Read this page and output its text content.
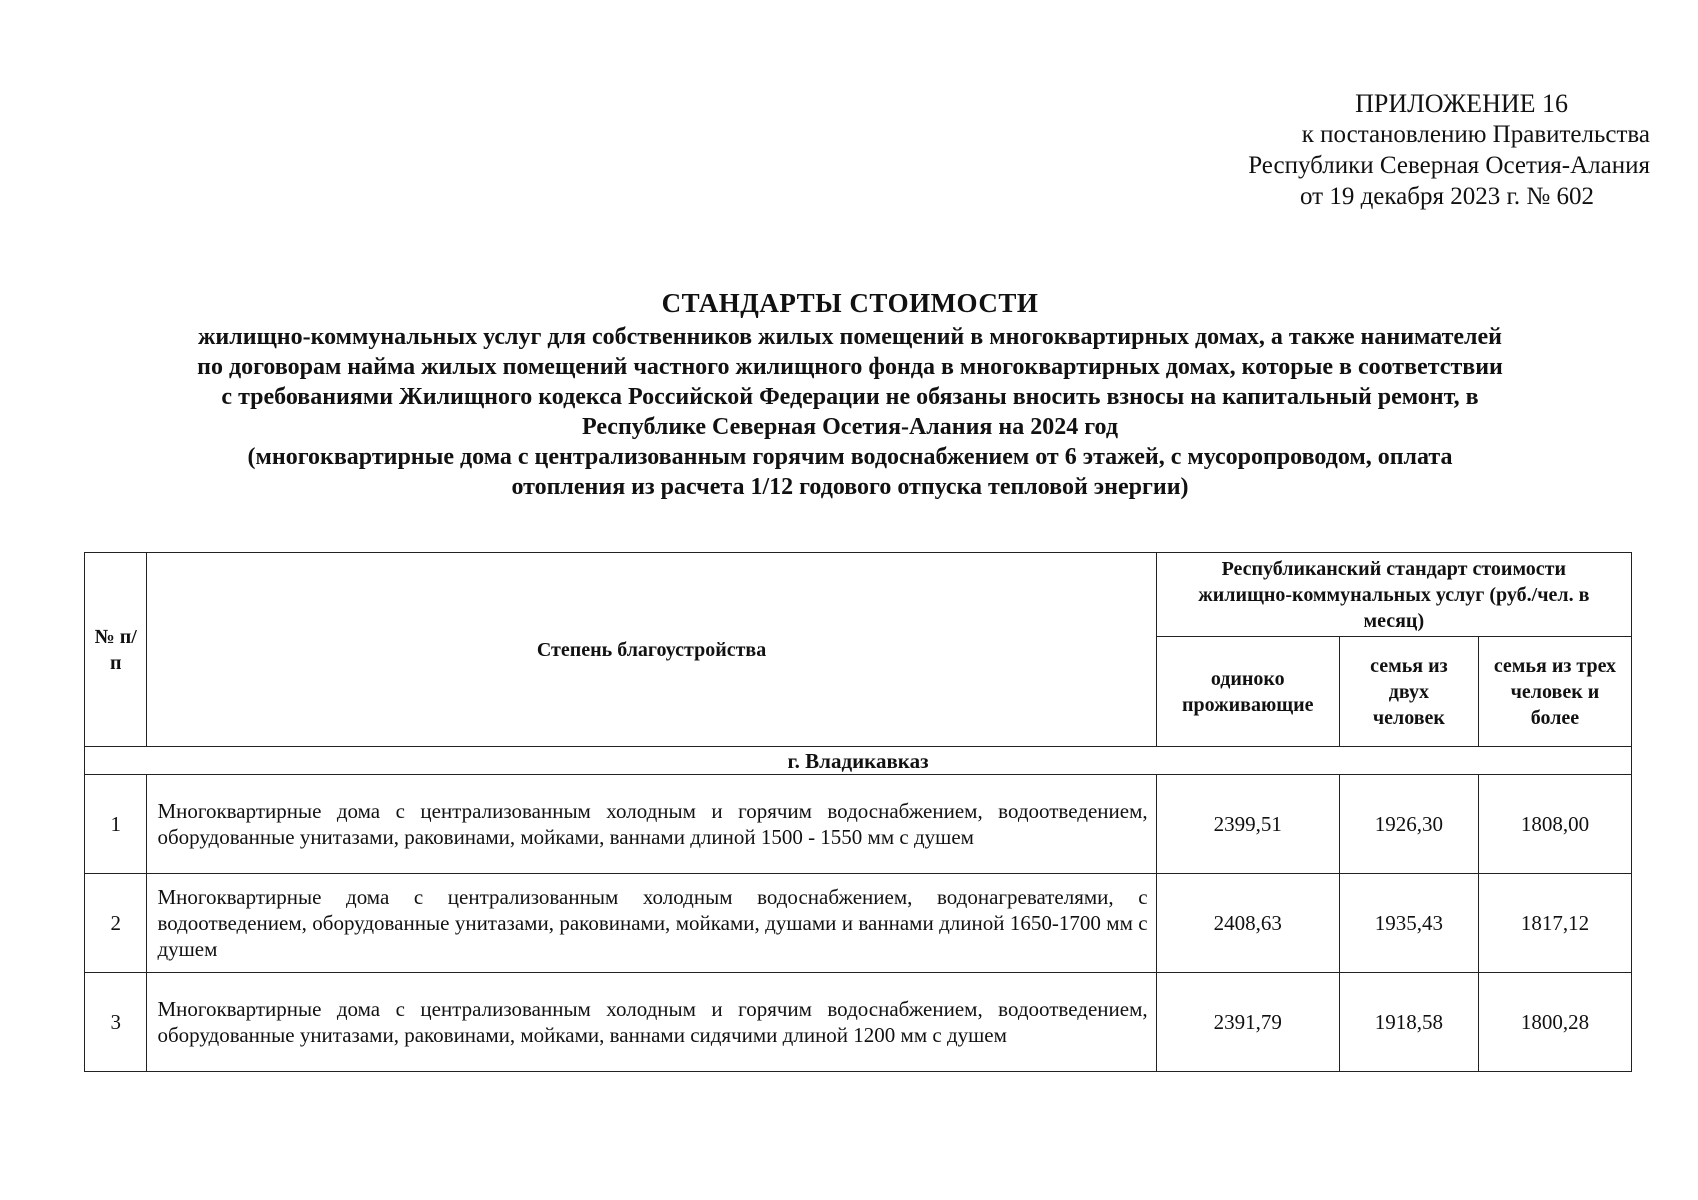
ПРИЛОЖЕНИЕ 16
к постановлению Правительства
Республики Северная Осетия-Алания
от 19 декабря 2023 г. № 602
СТАНДАРТЫ СТОИМОСТИ
жилищно-коммунальных услуг для собственников жилых помещений в многоквартирных домах, а также нанимателей
по договорам найма жилых помещений частного жилищного фонда в многоквартирных домах, которые в соответствии
с требованиями Жилищного кодекса Российской Федерации не обязаны вносить взносы на капитальный ремонт, в
Республике Северная Осетия-Алания на 2024 год
(многоквартирные дома с централизованным горячим водоснабжением от 6 этажей, с мусоропроводом, оплата
отопления из расчета 1/12 годового отпуска тепловой энергии)
№ п/п	Степень благоустройства	Республиканский стандарт стоимости жилищно-коммунальных услуг (руб./чел. в месяц)		
		одиноко проживающие	семья из двух человек	семья из трех человек и более
г. Владикавказ				
1	Многоквартирные дома с централизованным холодным и горячим водоснабжением, водоотведением, оборудованные унитазами, раковинами, мойками, ваннами длиной 1500 - 1550 мм с душем	2399,51	1926,30	1808,00
2	Многоквартирные дома с централизованным холодным водоснабжением, водонагревателями, с водоотведением, оборудованные унитазами, раковинами, мойками, душами и ваннами длиной 1650-1700 мм с душем	2408,63	1935,43	1817,12
3	Многоквартирные дома с централизованным холодным и горячим водоснабжением, водоотведением, оборудованные унитазами, раковинами, мойками, ваннами сидячими длиной 1200 мм с душем	2391,79	1918,58	1800,28
